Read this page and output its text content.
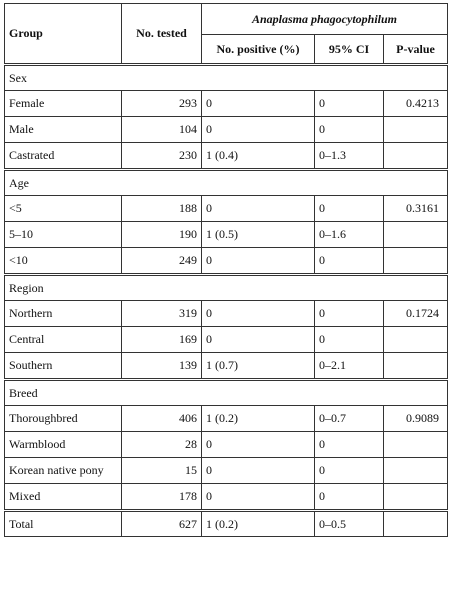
Group	No. tested	Anaplasma phagocytophilum		
		No. positive (%)	95% CI	P-value
Sex				
Female	293	0	0	0.4213
Male	104	0	0	
Castrated	230	1 (0.4)	0–1.3	
Age				
<5	188	0	0	0.3161
5–10	190	1 (0.5)	0–1.6	
<10	249	0	0	
Region				
Northern	319	0	0	0.1724
Central	169	0	0	
Southern	139	1 (0.7)	0–2.1	
Breed				
Thoroughbred	406	1 (0.2)	0–0.7	0.9089
Warmblood	28	0	0	
Korean native pony	15	0	0	
Mixed	178	0	0	
Total	627	1 (0.2)	0–0.5	
